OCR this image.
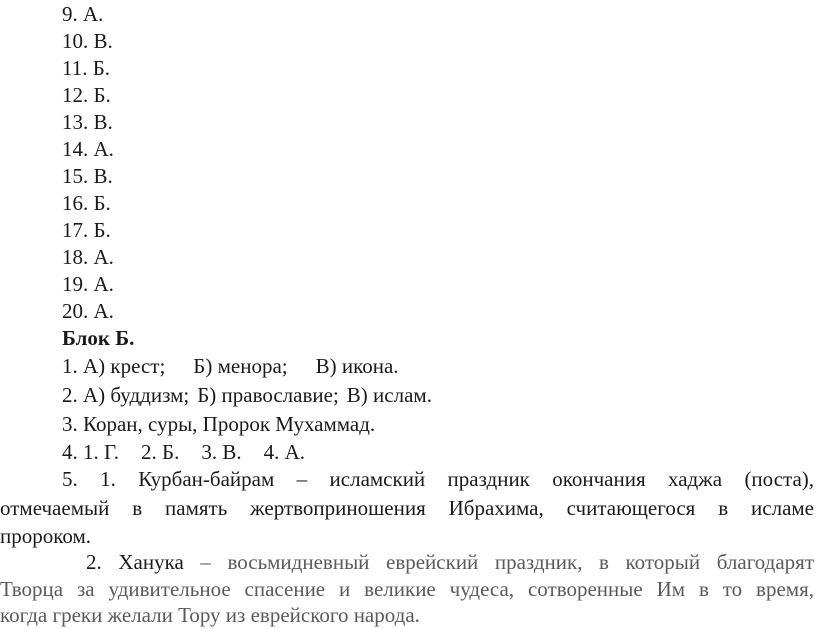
9. А.
10. В.
11. Б.
12. Б.
13. В.
14. А.
15. В.
16. Б.
17. Б.
18. А.
19. А.
20. А.
Блок Б.
1. А) крест; Б) менора; В) икона.
2. А) буддизм; Б) православие; В) ислам.
3. Коран, суры, Пророк Мухаммад.
4. 1. Г. 2. Б. 3. В. 4. А.
5. 1. Курбан-байрам – исламский праздник окончания хаджа (поста),
отмечаемый в память жертвоприношения Ибрахима, считающегося в исламе
пророком.
2. Ханука – восьмидневный еврейский праздник, в который благодарят
Творца за удивительное спасение и великие чудеса, сотворенные Им в то время,
когда греки желали Тору из еврейского народа.
